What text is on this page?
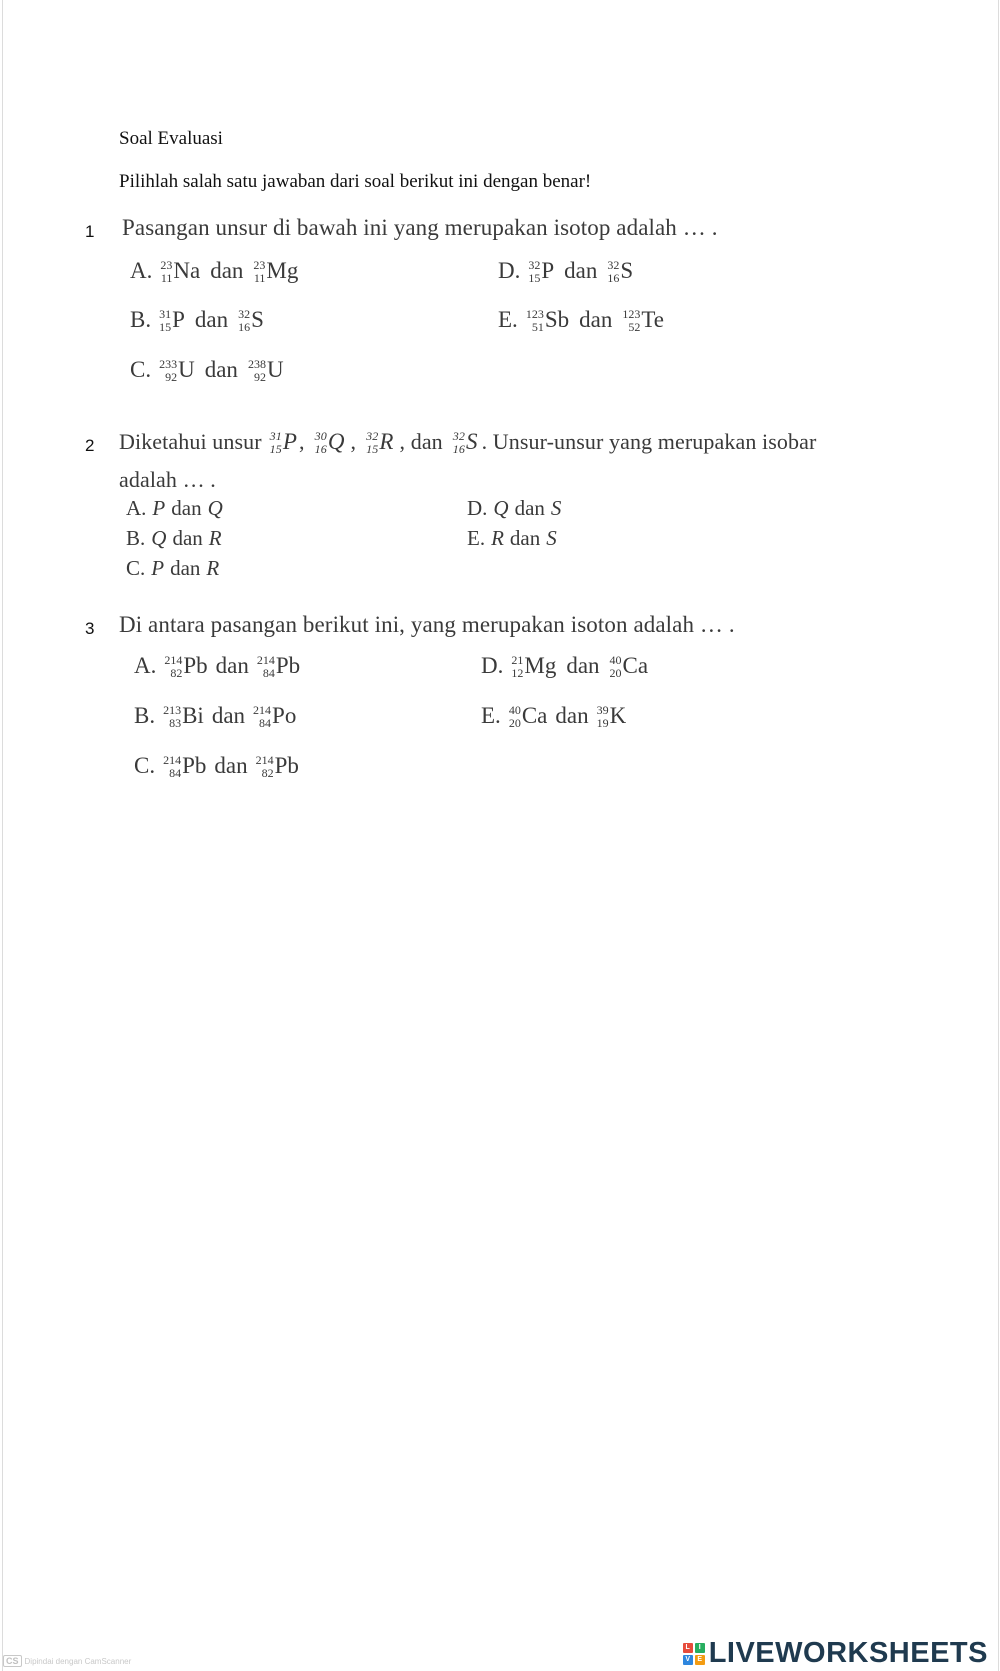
Soal Evaluasi
Pilihlah salah satu jawaban dari soal berikut ini dengan benar!
1 Pasangan unsur di bawah ini yang merupakan isotop adalah … .
A. 23
11 Na dan 23
11 Mg
B. 31
15 P dan 32
16 S
C. 233
92 U dan 238
92 U
D. 32
15 P dan 32
16 S
E. 123
51 Sb dan 123
52 Te
2 Diketahui unsur 31
15 P , 30
16 Q , 32
15 R , dan 32
16 S . Unsur-unsur yang merupakan isobar
adalah … .
A. P dan Q
B. Q dan R
C. P dan R
D. Q dan S
E. R dan S
3 Di antara pasangan berikut ini, yang merupakan isoton adalah … .
A. 214
82 Pb dan 214
84 Pb
B. 213
83 Bi dan 214
84 Po
C. 214
84 Pb dan 214
82 Pb
D. 21
12 Mg dan 40
20 Ca
E. 40
20 Ca dan 39
19 K
CS Dipindai dengan CamScanner
L	I
V	E LIVEWORKSHEETS
